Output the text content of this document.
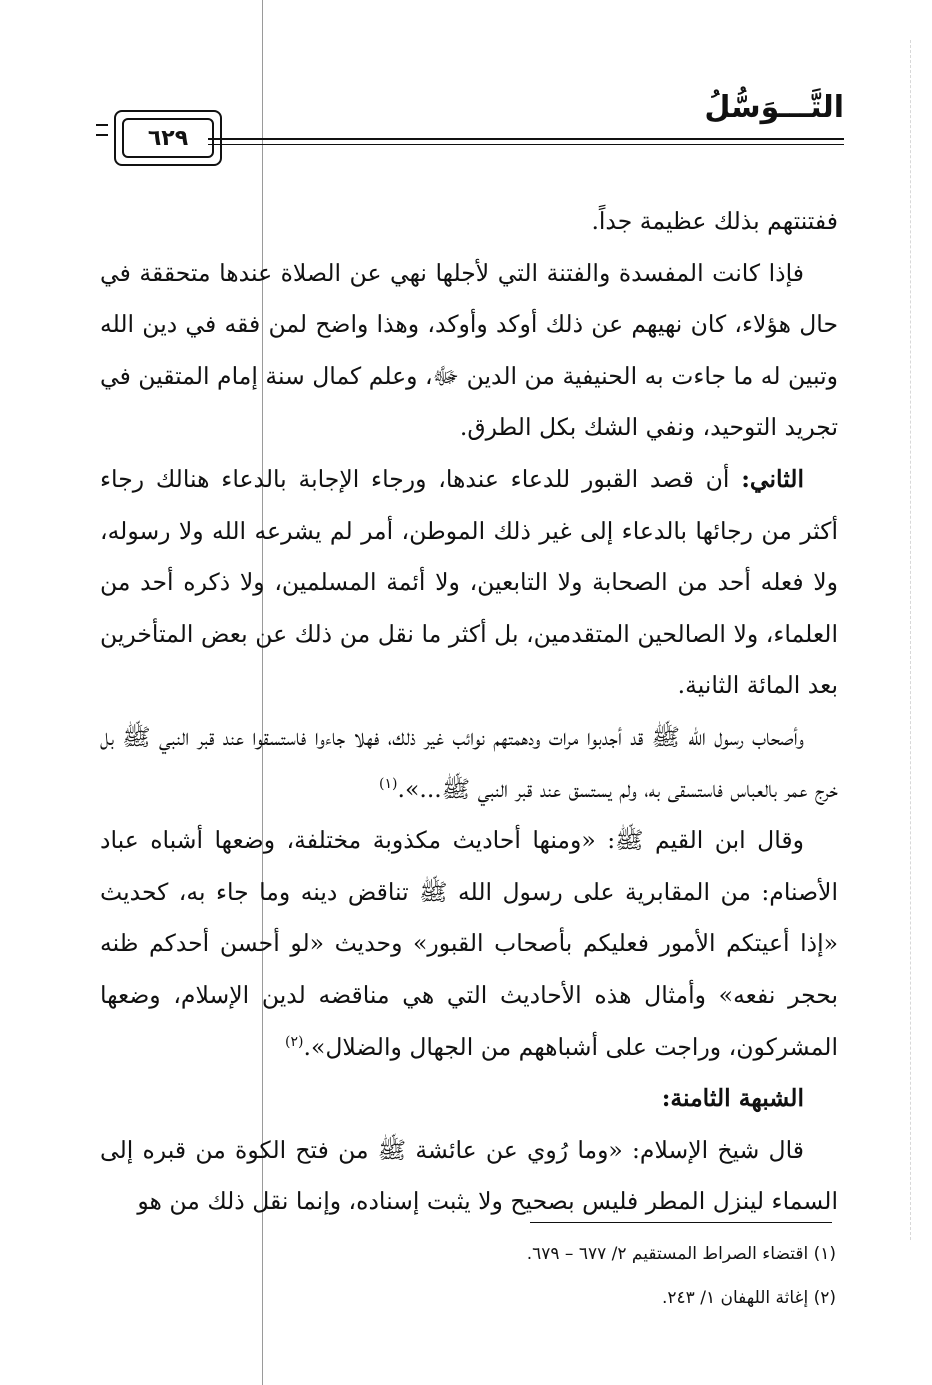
التَّـــوَسُّلُ
٦٢٩

ففتنتهم بذلك عظيمة جداً.

فإذا كانت المفسدة والفتنة التي لأجلها نهي عن الصلاة عندها متحققة في حال هؤلاء، كان نهيهم عن ذلك أوكد وأوكد، وهذا واضح لمن فقه في دين الله وتبين له ما جاءت به الحنيفية من الدين ﷻ، وعلم كمال سنة إمام المتقين في تجريد التوحيد، ونفي الشك بكل الطرق.

الثاني: أن قصد القبور للدعاء عندها، ورجاء الإجابة بالدعاء هنالك رجاء أكثر من رجائها بالدعاء إلى غير ذلك الموطن، أمر لم يشرعه الله ولا رسوله، ولا فعله أحد من الصحابة ولا التابعين، ولا أئمة المسلمين، ولا ذكره أحد من العلماء، ولا الصالحين المتقدمين، بل أكثر ما نقل من ذلك عن بعض المتأخرين بعد المائة الثانية.

وأصحاب رسول الله ﷺ قد أجدبوا مرات ودهمتهم نوائب غير ذلك، فهلا جاءوا فاستسقوا عند قبر النبي ﷺ بل خرج عمر بالعباس فاستسقى به، ولم يستسق عند قبر النبي ﷺ...».$^{(١)}$

وقال ابن القيم ﷺ: «ومنها أحاديث مكذوبة مختلفة، وضعها أشباه عباد الأصنام: من المقابرية على رسول الله ﷺ تناقض دينه وما جاء به، كحديث «إذا أعيتكم الأمور فعليكم بأصحاب القبور» وحديث «لو أحسن أحدكم ظنه بحجر نفعه» وأمثال هذه الأحاديث التي هي مناقضه لدين الإسلام، وضعها المشركون، وراجت على أشباههم من الجهال والضلال».$^{(٢)}$

الشبهة الثامنة:

قال شيخ الإسلام: «وما رُوي عن عائشة ﷺ من فتح الكوة من قبره إلى السماء لينزل المطر فليس بصحيح ولا يثبت إسناده، وإنما نقل ذلك من هو

(١) اقتضاء الصراط المستقيم ٢/ ٦٧٧ – ٦٧٩.
(٢) إغاثة اللهفان ١/ ٢٤٣.
